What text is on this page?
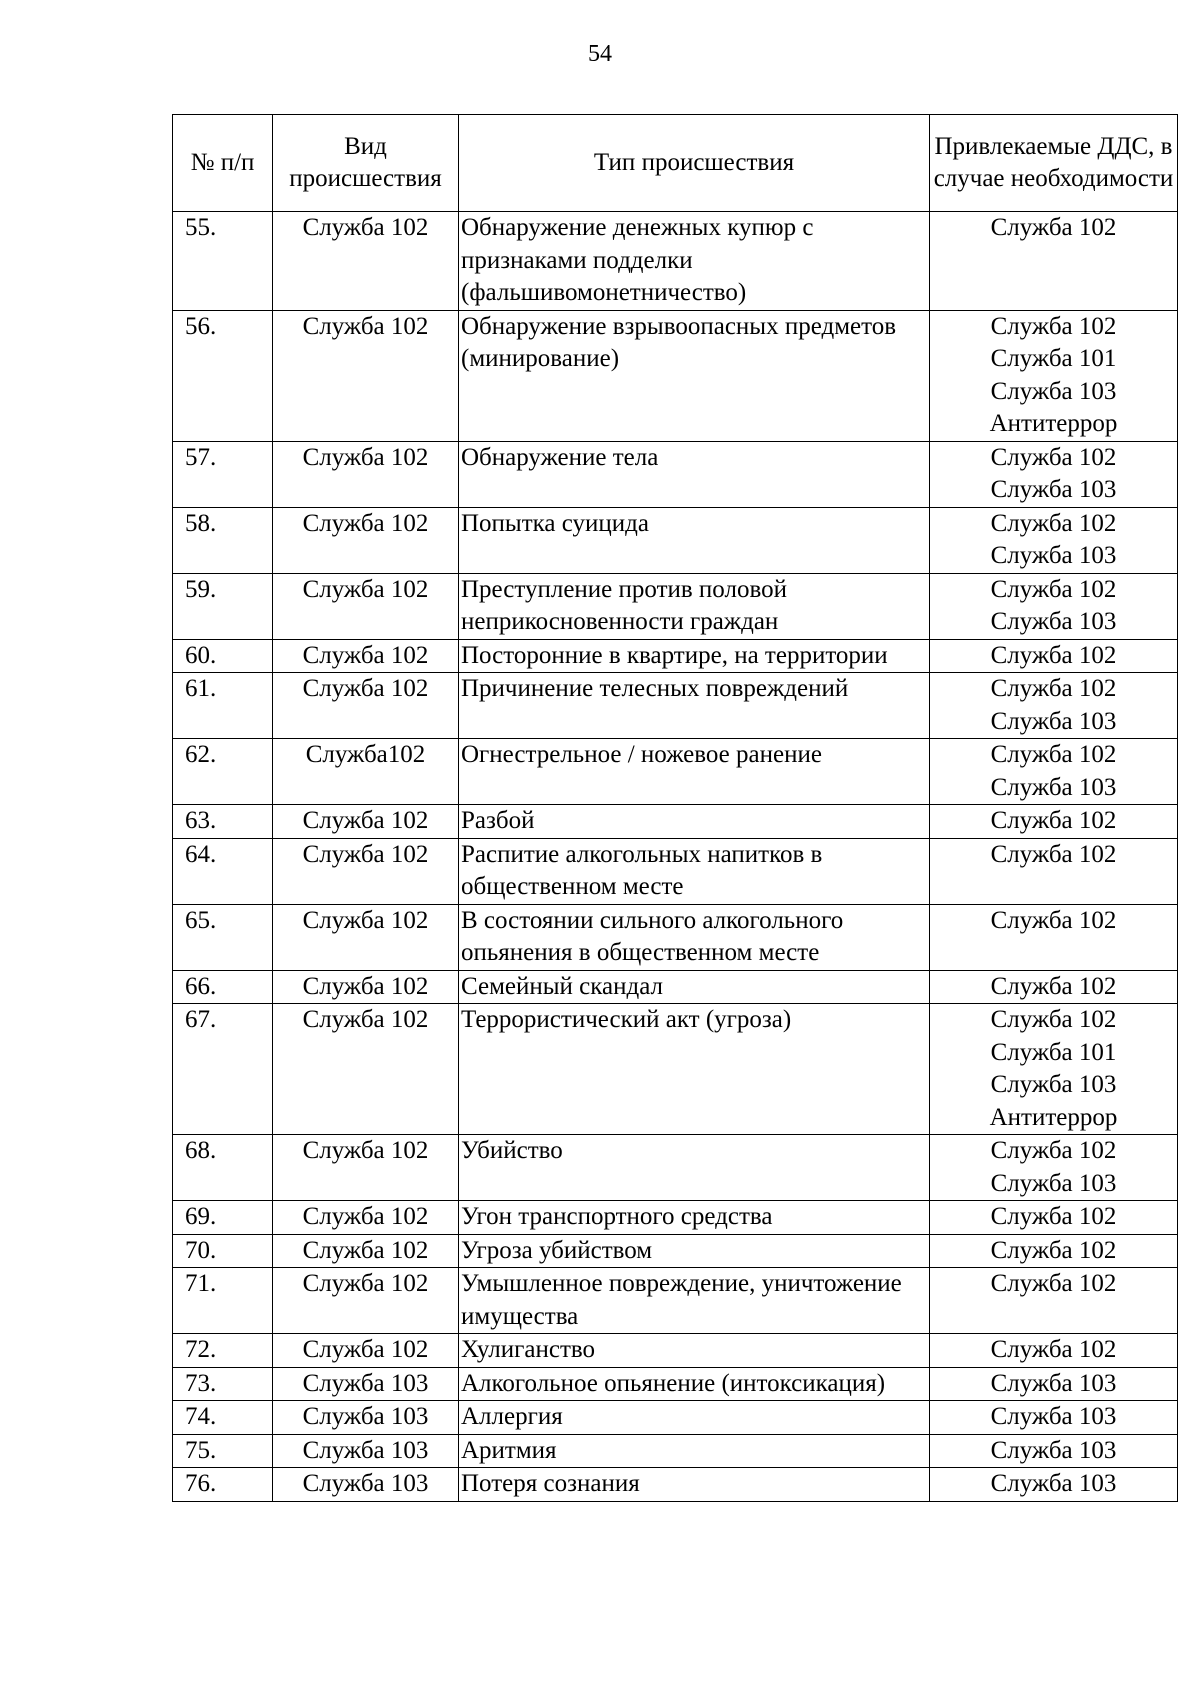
54
№ п/п	Вид происшествия	Тип происшествия	Привлекаемые ДДС, в случае необходимости
55.	Служба 102	Обнаружение денежных купюр с признаками подделки (фальшивомонетничество)	Служба 102

56.	Служба 102	Обнаружение взрывоопасных предметов (минирование)	Служба 102
Служба 101
Служба 103
Антитеррор

57.	Служба 102	Обнаружение тела	Служба 102
Служба 103

58.	Служба 102	Попытка суицида	Служба 102
Служба 103

59.	Служба 102	Преступление против половой неприкосновенности граждан	Служба 102
Служба 103

60.	Служба 102	Посторонние в квартире, на территории	Служба 102

61.	Служба 102	Причинение телесных повреждений	Служба 102
Служба 103

62.	Служба102	Огнестрельное / ножевое ранение	Служба 102
Служба 103

63.	Служба 102	Разбой	Служба 102

64.	Служба 102	Распитие алкогольных напитков в общественном месте	Служба 102

65.	Служба 102	В состоянии сильного алкогольного опьянения в общественном месте	Служба 102

66.	Служба 102	Семейный скандал	Служба 102

67.	Служба 102	Террористический акт (угроза)	Служба 102
Служба 101
Служба 103
Антитеррор

68.	Служба 102	Убийство	Служба 102
Служба 103

69.	Служба 102	Угон транспортного средства	Служба 102

70.	Служба 102	Угроза убийством	Служба 102

71.	Служба 102	Умышленное повреждение, уничтожение имущества	Служба 102

72.	Служба 102	Хулиганство	Служба 102

73.	Служба 103	Алкогольное опьянение (интоксикация)	Служба 103

74.	Служба 103	Аллергия	Служба 103

75.	Служба 103	Аритмия	Служба 103

76.	Служба 103	Потеря сознания	Служба 103
